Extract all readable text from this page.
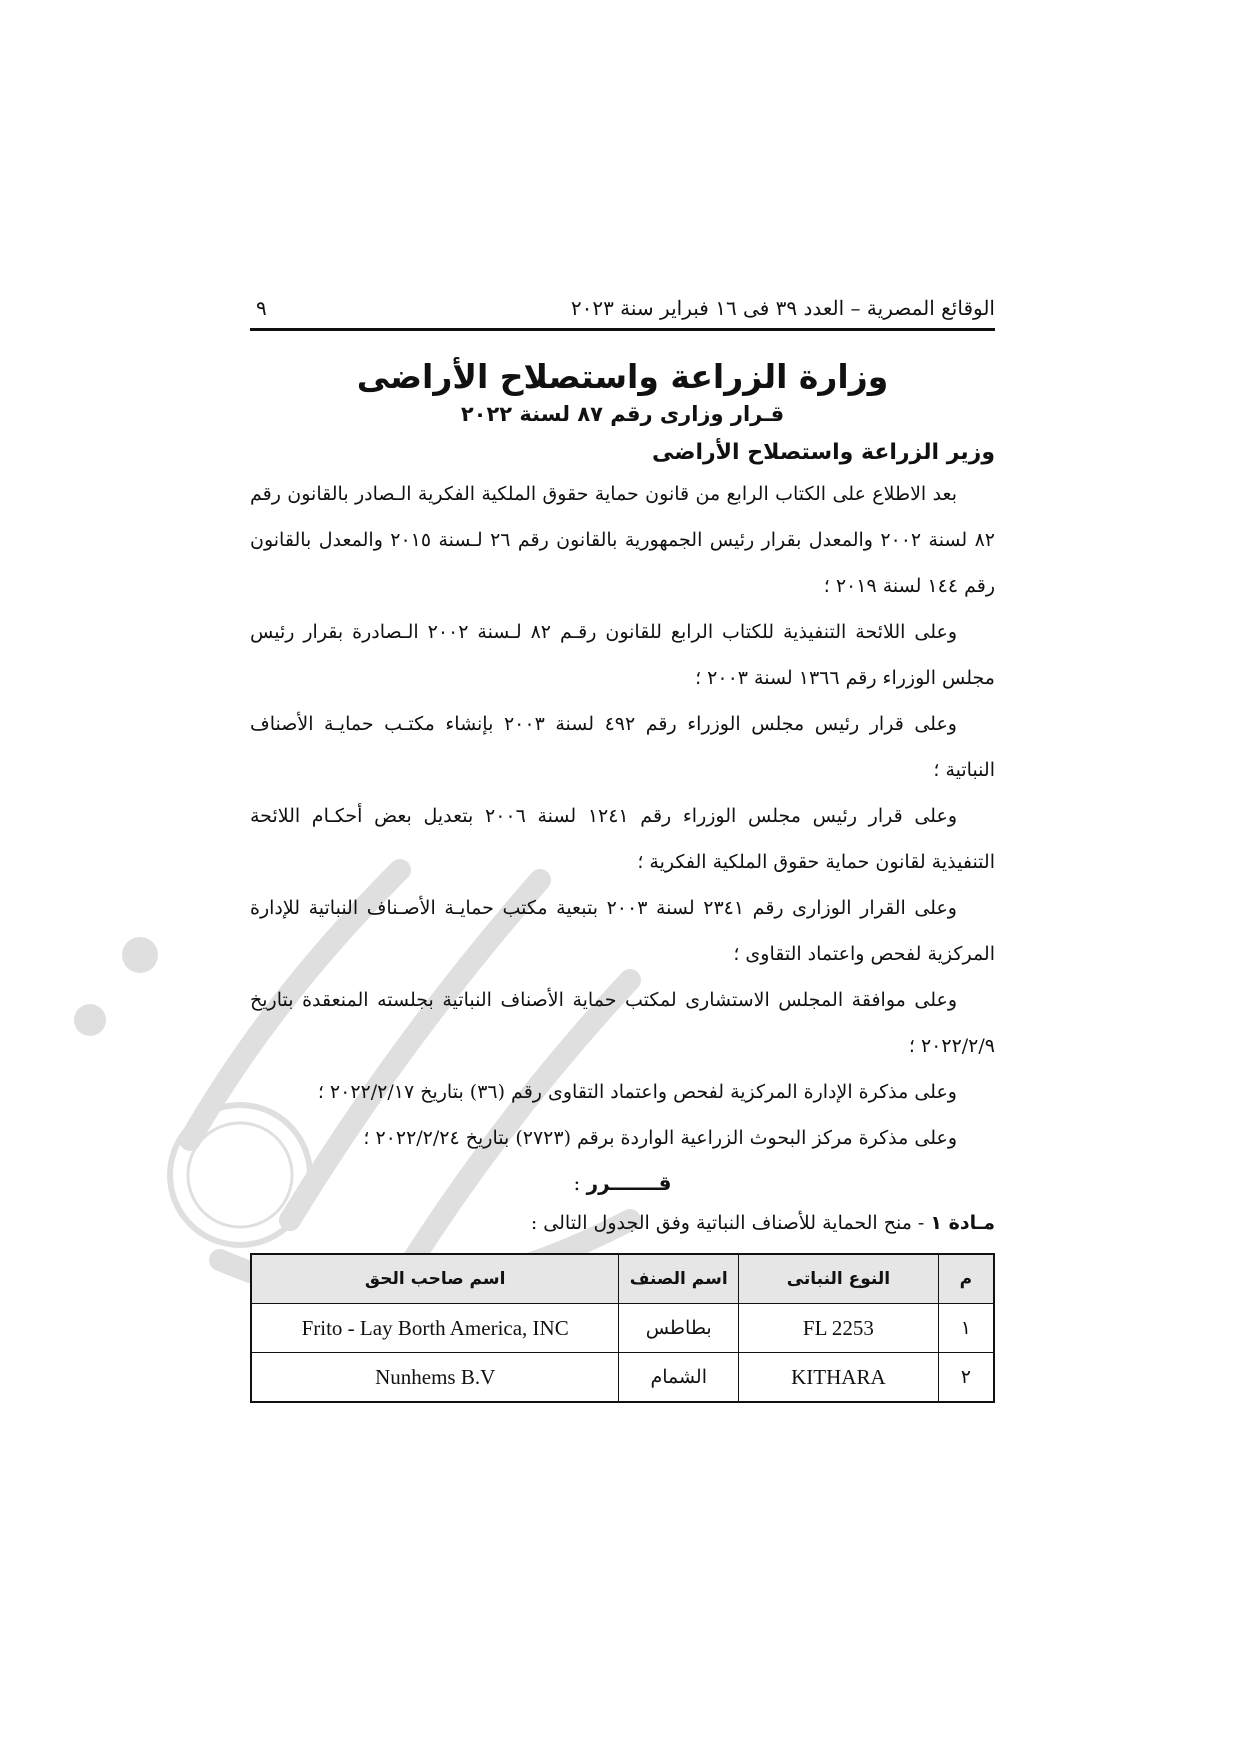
الوقائع المصرية – العدد ٣٩ فى ١٦ فبراير سنة ٢٠٢٣
٩
وزارة الزراعة واستصلاح الأراضى
قـرار وزارى رقم ٨٧ لسنة ٢٠٢٢
وزير الزراعة واستصلاح الأراضى

بعد الاطلاع على الكتاب الرابع من قانون حماية حقوق الملكية الفكرية الـصادر بالقانون رقم ٨٢ لسنة ٢٠٠٢ والمعدل بقرار رئيس الجمهورية بالقانون رقم ٢٦ لـسنة ٢٠١٥ والمعدل بالقانون رقم ١٤٤ لسنة ٢٠١٩ ؛

وعلى اللائحة التنفيذية للكتاب الرابع للقانون رقـم ٨٢ لـسنة ٢٠٠٢ الـصادرة بقرار رئيس مجلس الوزراء رقم ١٣٦٦ لسنة ٢٠٠٣ ؛

وعلى قرار رئيس مجلس الوزراء رقم ٤٩٢ لسنة ٢٠٠٣ بإنشاء مكتـب حمايـة الأصناف النباتية ؛

وعلى قرار رئيس مجلس الوزراء رقم ١٢٤١ لسنة ٢٠٠٦ بتعديل بعض أحكـام اللائحة التنفيذية لقانون حماية حقوق الملكية الفكرية ؛

وعلى القرار الوزارى رقم ٢٣٤١ لسنة ٢٠٠٣ بتبعية مكتب حمايـة الأصـناف النباتية للإدارة المركزية لفحص واعتماد التقاوى ؛

وعلى موافقة المجلس الاستشارى لمكتب حماية الأصناف النباتية بجلسته المنعقدة بتاريخ ٢٠٢٢/٢/٩ ؛

وعلى مذكرة الإدارة المركزية لفحص واعتماد التقاوى رقم (٣٦) بتاريخ ٢٠٢٢/٢/١٧ ؛

وعلى مذكرة مركز البحوث الزراعية الواردة برقم (٢٧٢٣) بتاريخ ٢٠٢٢/٢/٢٤ ؛

قـــــــرر :
مـادة ١ - منح الحماية للأصناف النباتية وفق الجدول التالى :
م	النوع النباتى	اسم الصنف	اسم صاحب الحق
١	FL 2253	بطاطس	Frito - Lay Borth America, INC
٢	KITHARA	الشمام	Nunhems B.V
